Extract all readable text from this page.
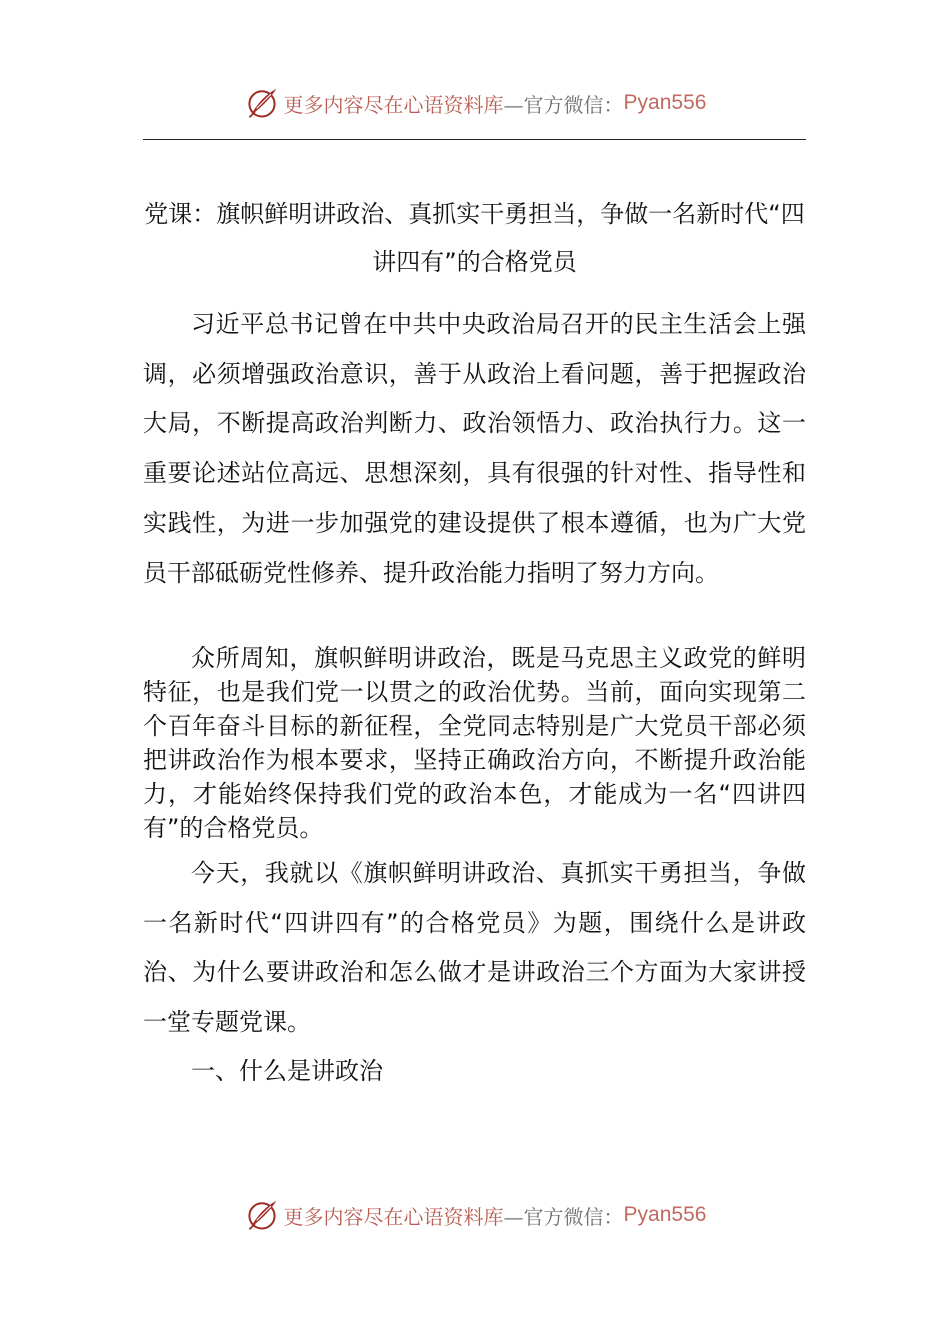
更多内容尽在心语资料库 —官方微信： Pyan556
党课：旗帜鲜明讲政治、真抓实干勇担当，争做一名新时代“四讲四有”的合格党员

习近平总书记曾在中共中央政治局召开的民主生活会上强调，必须增强政治意识，善于从政治上看问题，善于把握政治大局，不断提高政治判断力、政治领悟力、政治执行力。这一重要论述站位高远、思想深刻，具有很强的针对性、指导性和实践性，为进一步加强党的建设提供了根本遵循，也为广大党员干部砥砺党性修养、提升政治能力指明了努力方向。

众所周知，旗帜鲜明讲政治，既是马克思主义政党的鲜明特征，也是我们党一以贯之的政治优势。当前，面向实现第二个百年奋斗目标的新征程，全党同志特别是广大党员干部必须把讲政治作为根本要求，坚持正确政治方向，不断提升政治能力，才能始终保持我们党的政治本色，才能成为一名“四讲四有”的合格党员。

今天，我就以《旗帜鲜明讲政治、真抓实干勇担当，争做一名新时代“四讲四有”的合格党员》为题，围绕什么是讲政治、为什么要讲政治和怎么做才是讲政治三个方面为大家讲授一堂专题党课。

一、什么是讲政治
更多内容尽在心语资料库 —官方微信： Pyan556
